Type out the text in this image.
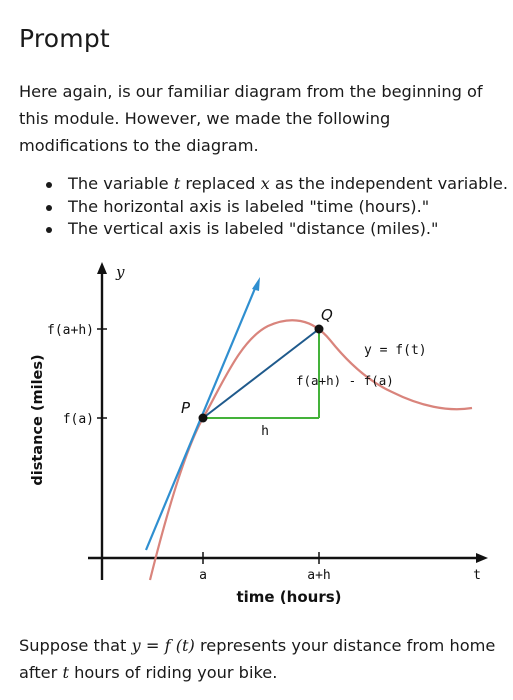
Prompt
Here again, is our familiar diagram from the beginning of this module. However, we made the following modifications to the diagram.
The variable t replaced x as the independent variable.
The horizontal axis is labeled "time (hours)."
The vertical axis is labeled "distance (miles)."
y
f(a+h)
f(a)
distance (miles)
a	a+h	t
time (hours)
P
Q
h
f(a+h) - f(a)
y = f(t)
Suppose that y = f (t) represents your distance from home after t hours of riding your bike.
